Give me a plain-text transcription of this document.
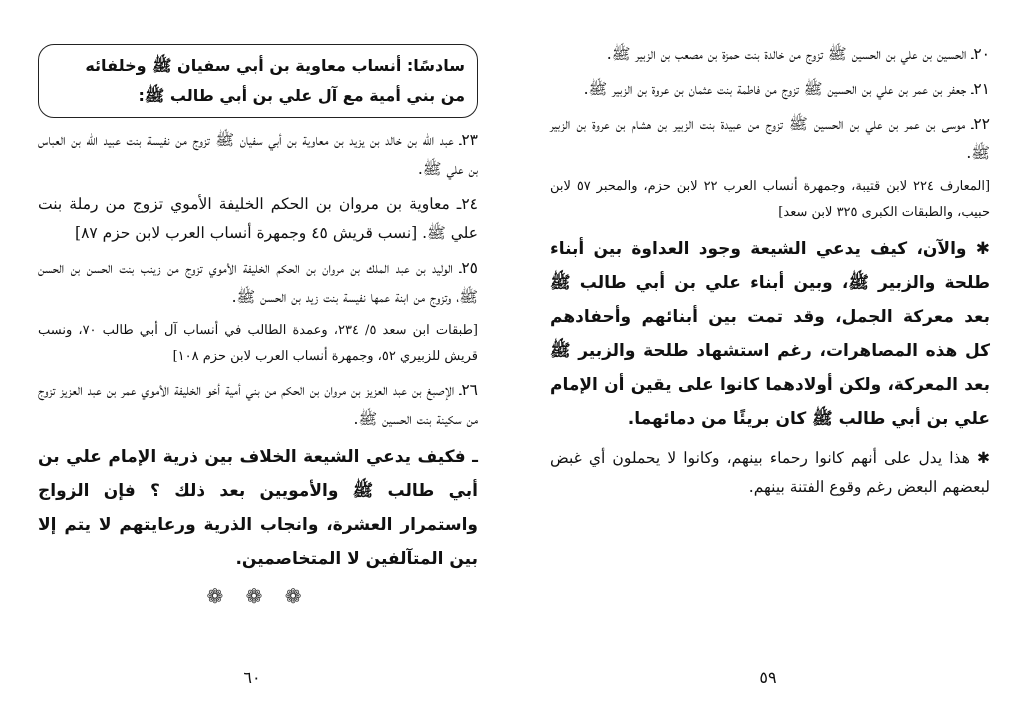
سادسًا: أنساب معاوية بن أبي سفيان ﷺ وخلفائه
من بني أمية مع آل علي بن أبي طالب ﷺ:

٢٣ـ عبد الله بن خالد بن يزيد بن معاوية بن أبي سفيان ﷺ تزوج من نفيسة بنت عبيد الله بن العباس بن علي ﷺ.

٢٤ـ معاوية بن مروان بن الحكم الخليفة الأموي تزوج من رملة بنت علي ﷺ. [نسب قريش ٤٥ وجمهرة أنساب العرب لابن حزم ٨٧]

٢٥ـ الوليد بن عبد الملك بن مروان بن الحكم الخليفة الأموي تزوج من زينب بنت الحسن بن الحسن ﷺ، وتزوج من ابنة عمها نفيسة بنت زيد بن الحسن ﷺ.

[طبقات ابن سعد ٥/ ٢٣٤، وعمدة الطالب في أنساب آل أبي طالب ٧٠، ونسب قريش للزبيري ٥٢، وجمهرة أنساب العرب لابن حزم ١٠٨]

٢٦ـ الإصبغ بن عبد العزيز بن مروان بن الحكم من بني أمية أخو الخليفة الأموي عمر بن عبد العزيز تزوج من سكينة بنت الحسين ﷺ.

ـ فكيف يدعي الشيعة الخلاف بين ذرية الإمام علي بن أبي طالب ﷺ والأمويين بعد ذلك ؟ فإن الزواج واستمرار العشرة، وانجاب الذرية ورعايتهم لا يتم إلا بين المتآلفين لا المتخاصمين.

❁ ❁ ❁

٢٠ـ الحسين بن علي بن الحسين ﷺ تزوج من خالدة بنت حمزة بن مصعب بن الزبير ﷺ.

٢١ـ جعفر بن عمر بن علي بن الحسين ﷺ تزوج من فاطمة بنت عثمان بن عروة بن الزبير ﷺ.

٢٢ـ موسى بن عمر بن علي بن الحسين ﷺ تزوج من عبيدة بنت الزبير بن هشام بن عروة بن الزبير ﷺ.

[المعارف ٢٢٤ لابن قتيبة، وجمهرة أنساب العرب ٢٢ لابن حزم، والمحبر ٥٧ لابن حبيب، والطبقات الكبرى ٣٢٥ لابن سعد]

✱ والآن، كيف يدعي الشيعة وجود العداوة بين أبناء طلحة والزبير ﷺ، وبين أبناء علي بن أبي طالب ﷺ بعد معركة الجمل، وقد تمت بين أبنائهم وأحفادهم كل هذه المصاهرات، رغم استشهاد طلحة والزبير ﷺ بعد المعركة، ولكن أولادهما كانوا على يقين أن الإمام علي بن أبي طالب ﷺ كان بريئًا من دمائهما.

✱ هذا يدل على أنهم كانوا رحماء بينهم، وكانوا لا يحملون أي غبض لبعضهم البعض رغم وقوع الفتنة بينهم.

٦٠	٥٩
